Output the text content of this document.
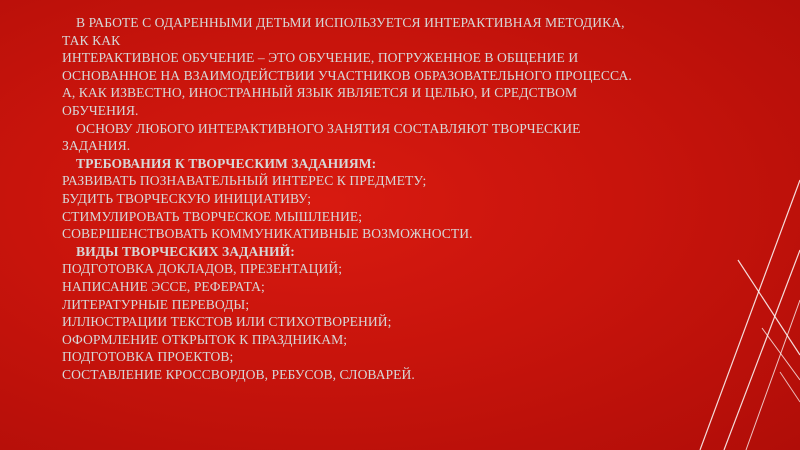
В РАБОТЕ С ОДАРЕННЫМИ ДЕТЬМИ ИСПОЛЬЗУЕТСЯ ИНТЕРАКТИВНАЯ МЕТОДИКА,
ТАК КАК
ИНТЕРАКТИВНОЕ ОБУЧЕНИЕ – ЭТО ОБУЧЕНИЕ, ПОГРУЖЕННОЕ В ОБЩЕНИЕ И
ОСНОВАННОЕ НА ВЗАИМОДЕЙСТВИИ УЧАСТНИКОВ ОБРАЗОВАТЕЛЬНОГО ПРОЦЕССА.
А, КАК ИЗВЕСТНО, ИНОСТРАННЫЙ ЯЗЫК ЯВЛЯЕТСЯ И ЦЕЛЬЮ, И СРЕДСТВОМ
ОБУЧЕНИЯ.
ОСНОВУ ЛЮБОГО ИНТЕРАКТИВНОГО ЗАНЯТИЯ СОСТАВЛЯЮТ ТВОРЧЕСКИЕ
ЗАДАНИЯ.
ТРЕБОВАНИЯ К ТВОРЧЕСКИМ ЗАДАНИЯМ:
РАЗВИВАТЬ ПОЗНАВАТЕЛЬНЫЙ ИНТЕРЕС К ПРЕДМЕТУ;
БУДИТЬ ТВОРЧЕСКУЮ ИНИЦИАТИВУ;
СТИМУЛИРОВАТЬ ТВОРЧЕСКОЕ МЫШЛЕНИЕ;
СОВЕРШЕНСТВОВАТЬ КОММУНИКАТИВНЫЕ ВОЗМОЖНОСТИ.
ВИДЫ ТВОРЧЕСКИХ ЗАДАНИЙ:
ПОДГОТОВКА ДОКЛАДОВ, ПРЕЗЕНТАЦИЙ;
НАПИСАНИЕ ЭССЕ, РЕФЕРАТА;
ЛИТЕРАТУРНЫЕ ПЕРЕВОДЫ;
ИЛЛЮСТРАЦИИ ТЕКСТОВ ИЛИ СТИХОТВОРЕНИЙ;
ОФОРМЛЕНИЕ ОТКРЫТОК К ПРАЗДНИКАМ;
ПОДГОТОВКА ПРОЕКТОВ;
СОСТАВЛЕНИЕ КРОССВОРДОВ, РЕБУСОВ, СЛОВАРЕЙ.
